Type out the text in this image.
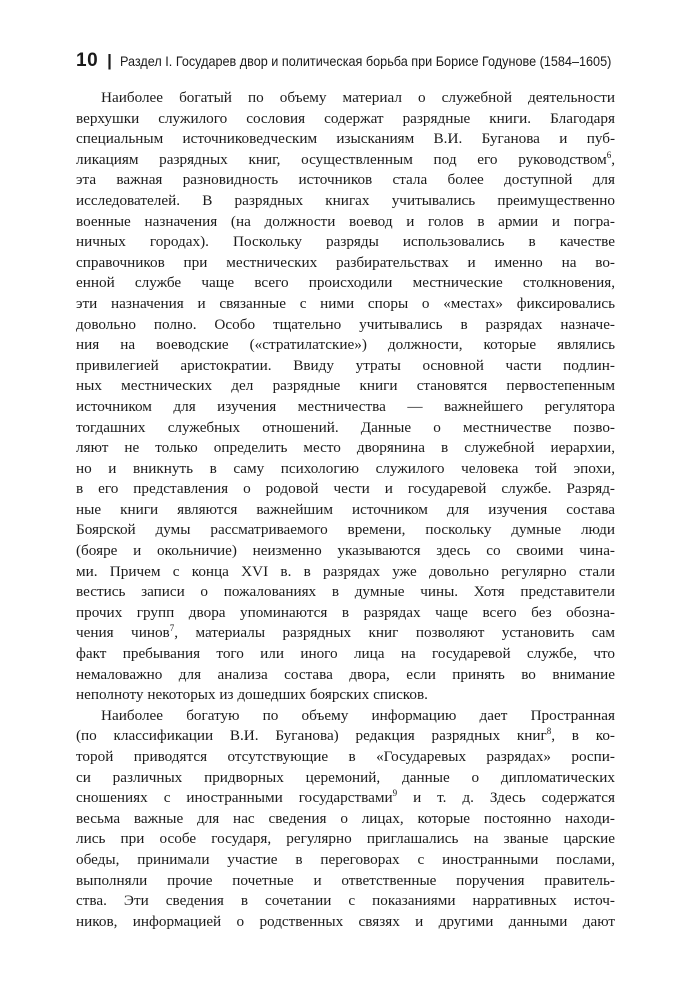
10 | Раздел I. Государев двор и политическая борьба при Борисе Годунове (1584–1605)
Наиболее богатый по объему материал о служебной деятельности
верхушки служилого сословия содержат разрядные книги. Благодаря
специальным источниковедческим изысканиям В.И. Буганова и пуб-
ликациям разрядных книг, осуществленным под его руководством$^6$,
эта важная разновидность источников стала более доступной для
исследователей. В разрядных книгах учитывались преимущественно
военные назначения (на должности воевод и голов в армии и погра-
ничных городах). Поскольку разряды использовались в качестве
справочников при местнических разбирательствах и именно на во-
енной службе чаще всего происходили местнические столкновения,
эти назначения и связанные с ними споры о «местах» фиксировались
довольно полно. Особо тщательно учитывались в разрядах назначе-
ния на воеводские («стратилатские») должности, которые являлись
привилегией аристократии. Ввиду утраты основной части подлин-
ных местнических дел разрядные книги становятся первостепенным
источником для изучения местничества — важнейшего регулятора
тогдашних служебных отношений. Данные о местничестве позво-
ляют не только определить место дворянина в служебной иерархии,
но и вникнуть в саму психологию служилого человека той эпохи,
в его представления о родовой чести и государевой службе. Разряд-
ные книги являются важнейшим источником для изучения состава
Боярской думы рассматриваемого времени, поскольку думные люди
(бояре и окольничие) неизменно указываются здесь со своими чина-
ми. Причем с конца XVI в. в разрядах уже довольно регулярно стали
вестись записи о пожалованиях в думные чины. Хотя представители
прочих групп двора упоминаются в разрядах чаще всего без обозна-
чения чинов$^7$, материалы разрядных книг позволяют установить сам
факт пребывания того или иного лица на государевой службе, что
немаловажно для анализа состава двора, если принять во внимание
неполноту некоторых из дошедших боярских списков.
Наиболее богатую по объему информацию дает Пространная
(по классификации В.И. Буганова) редакция разрядных книг$^8$, в ко-
торой приводятся отсутствующие в «Государевых разрядах» роспи-
си различных придворных церемоний, данные о дипломатических
сношениях с иностранными государствами$^9$ и т. д. Здесь содержатся
весьма важные для нас сведения о лицах, которые постоянно находи-
лись при особе государя, регулярно приглашались на званые царские
обеды, принимали участие в переговорах с иностранными послами,
выполняли прочие почетные и ответственные поручения правитель-
ства. Эти сведения в сочетании с показаниями нарративных источ-
ников, информацией о родственных связях и другими данными дают
